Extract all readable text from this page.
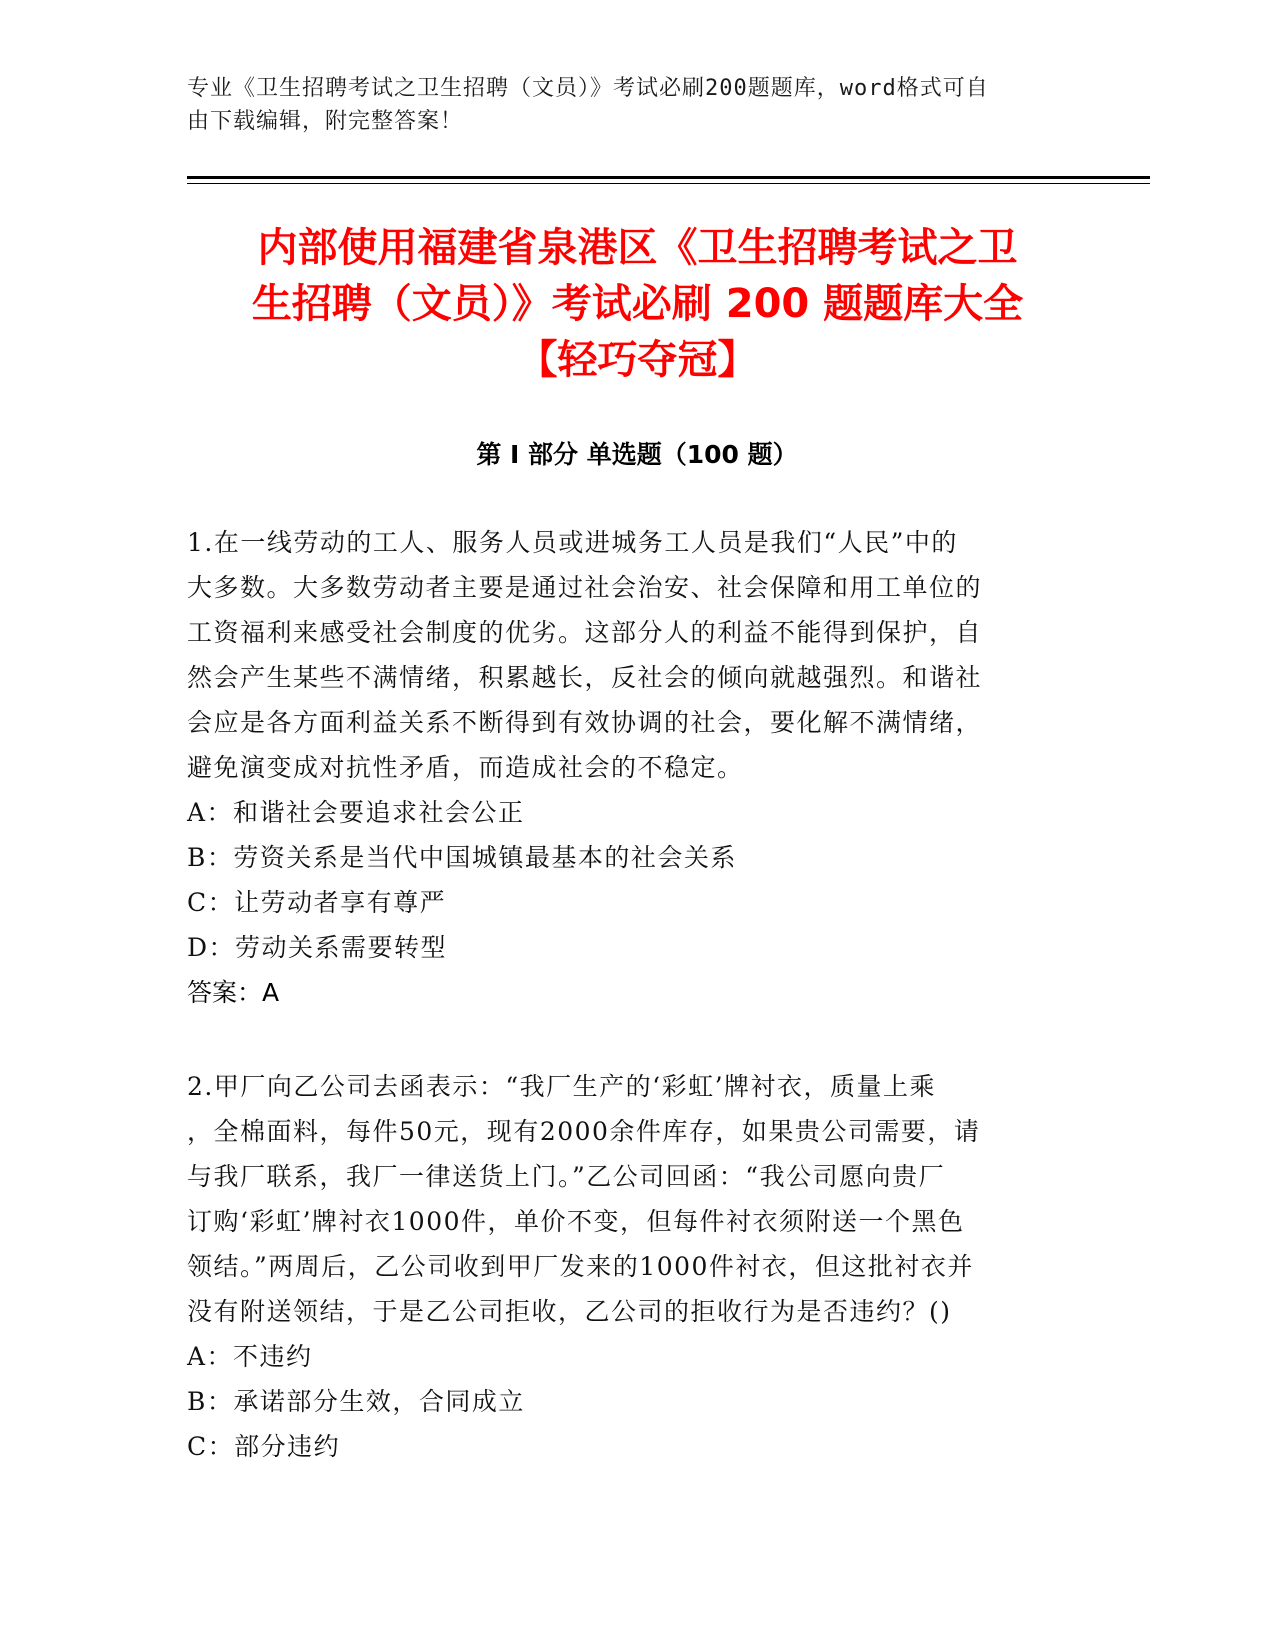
专业《卫生招聘考试之卫生招聘（文员）》考试必刷200题题库，word格式可自
由下载编辑，附完整答案！
内部使用福建省泉港区《卫生招聘考试之卫
生招聘（文员）》考试必刷 200 题题库大全
【轻巧夺冠】
第 I 部分 单选题（100 题）
1.在一线劳动的工人、服务人员或进城务工人员是我们“人民”中的
大多数。大多数劳动者主要是通过社会治安、社会保障和用工单位的
工资福利来感受社会制度的优劣。这部分人的利益不能得到保护，自
然会产生某些不满情绪，积累越长，反社会的倾向就越强烈。和谐社
会应是各方面利益关系不断得到有效协调的社会，要化解不满情绪，
避免演变成对抗性矛盾，而造成社会的不稳定。
A：和谐社会要追求社会公正
B：劳资关系是当代中国城镇最基本的社会关系
C：让劳动者享有尊严
D：劳动关系需要转型
答案：A
2.甲厂向乙公司去函表示：“我厂生产的‘彩虹’牌衬衣，质量上乘
，全棉面料，每件50元，现有2000余件库存，如果贵公司需要，请
与我厂联系，我厂一律送货上门。”乙公司回函：“我公司愿向贵厂
订购‘彩虹’牌衬衣1000件，单价不变，但每件衬衣须附送一个黑色
领结。”两周后，乙公司收到甲厂发来的1000件衬衣，但这批衬衣并
没有附送领结，于是乙公司拒收，乙公司的拒收行为是否违约？()
A：不违约
B：承诺部分生效，合同成立
C：部分违约
